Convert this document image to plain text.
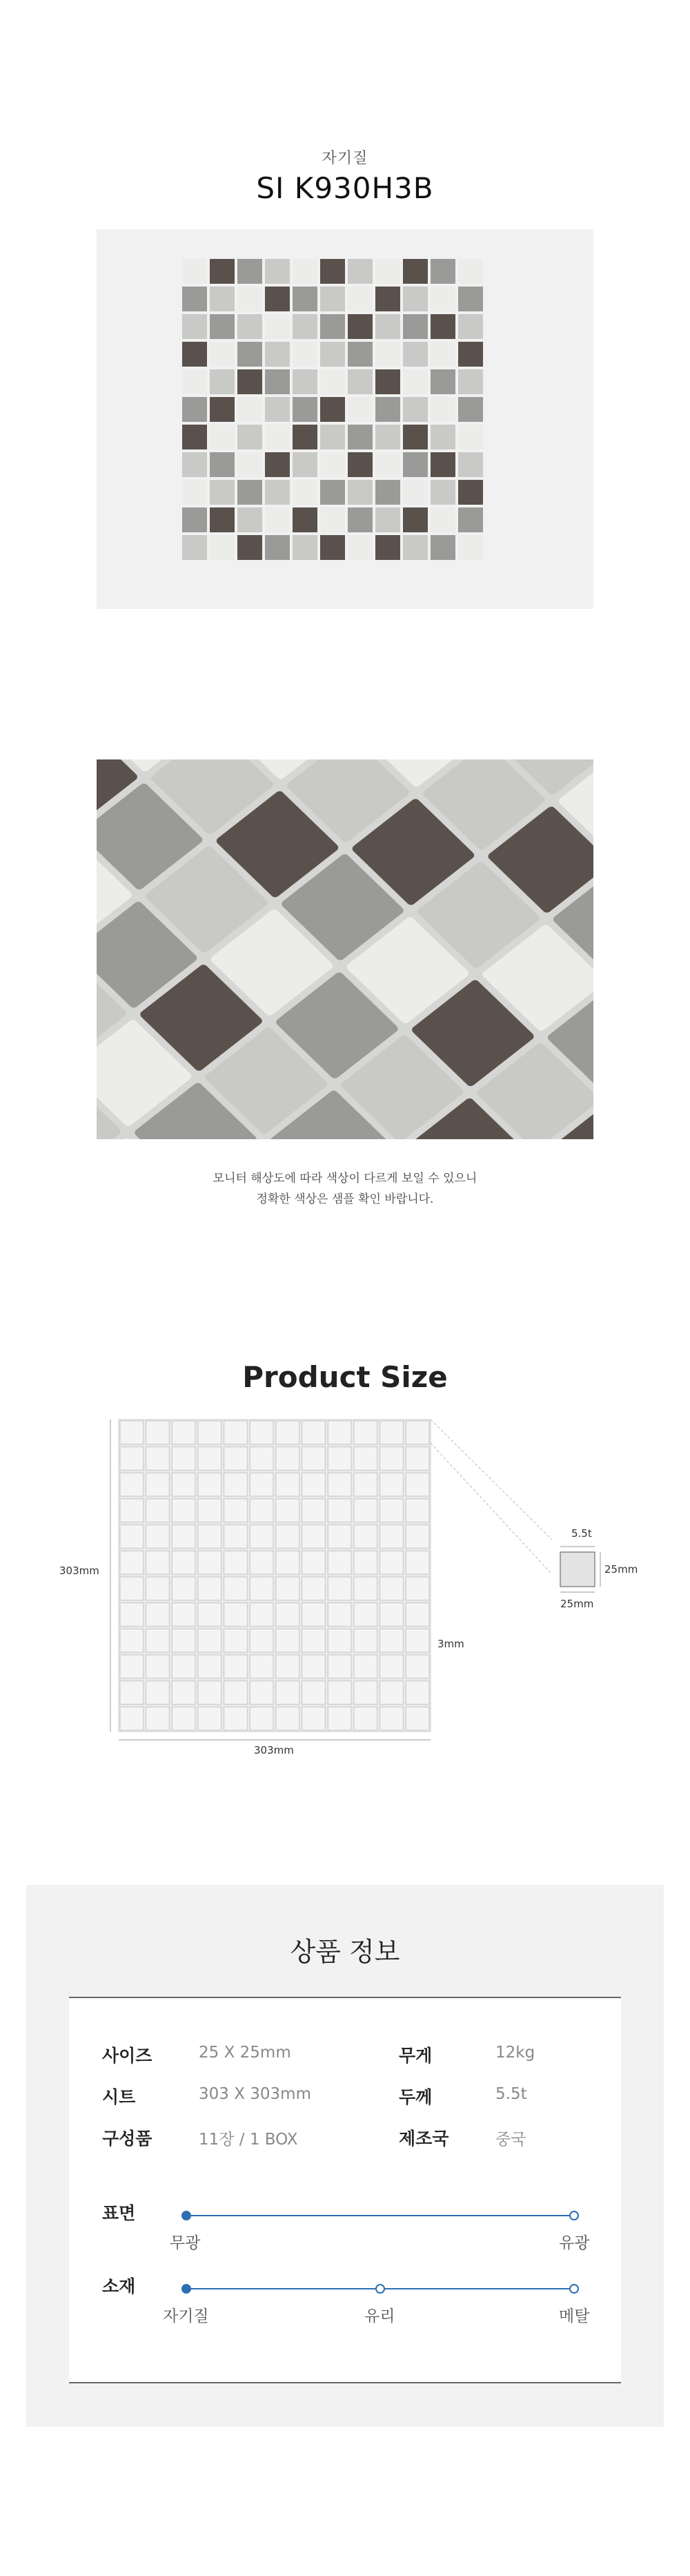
자기질
SI K930H3B
모니터 해상도에 따라 색상이 다르게 보일 수 있으니
정확한 색상은 샘플 확인 바랍니다.
Product Size
303mm
303mm
3mm
5.5t
25mm
25mm
상품 정보
사이즈	25 X 25mm	무게	12kg
시트	303 X 303mm	두께	5.5t
구성품	11장 / 1 BOX	제조국	중국
표면
무광	유광
소재
자기질	유리	메탈
